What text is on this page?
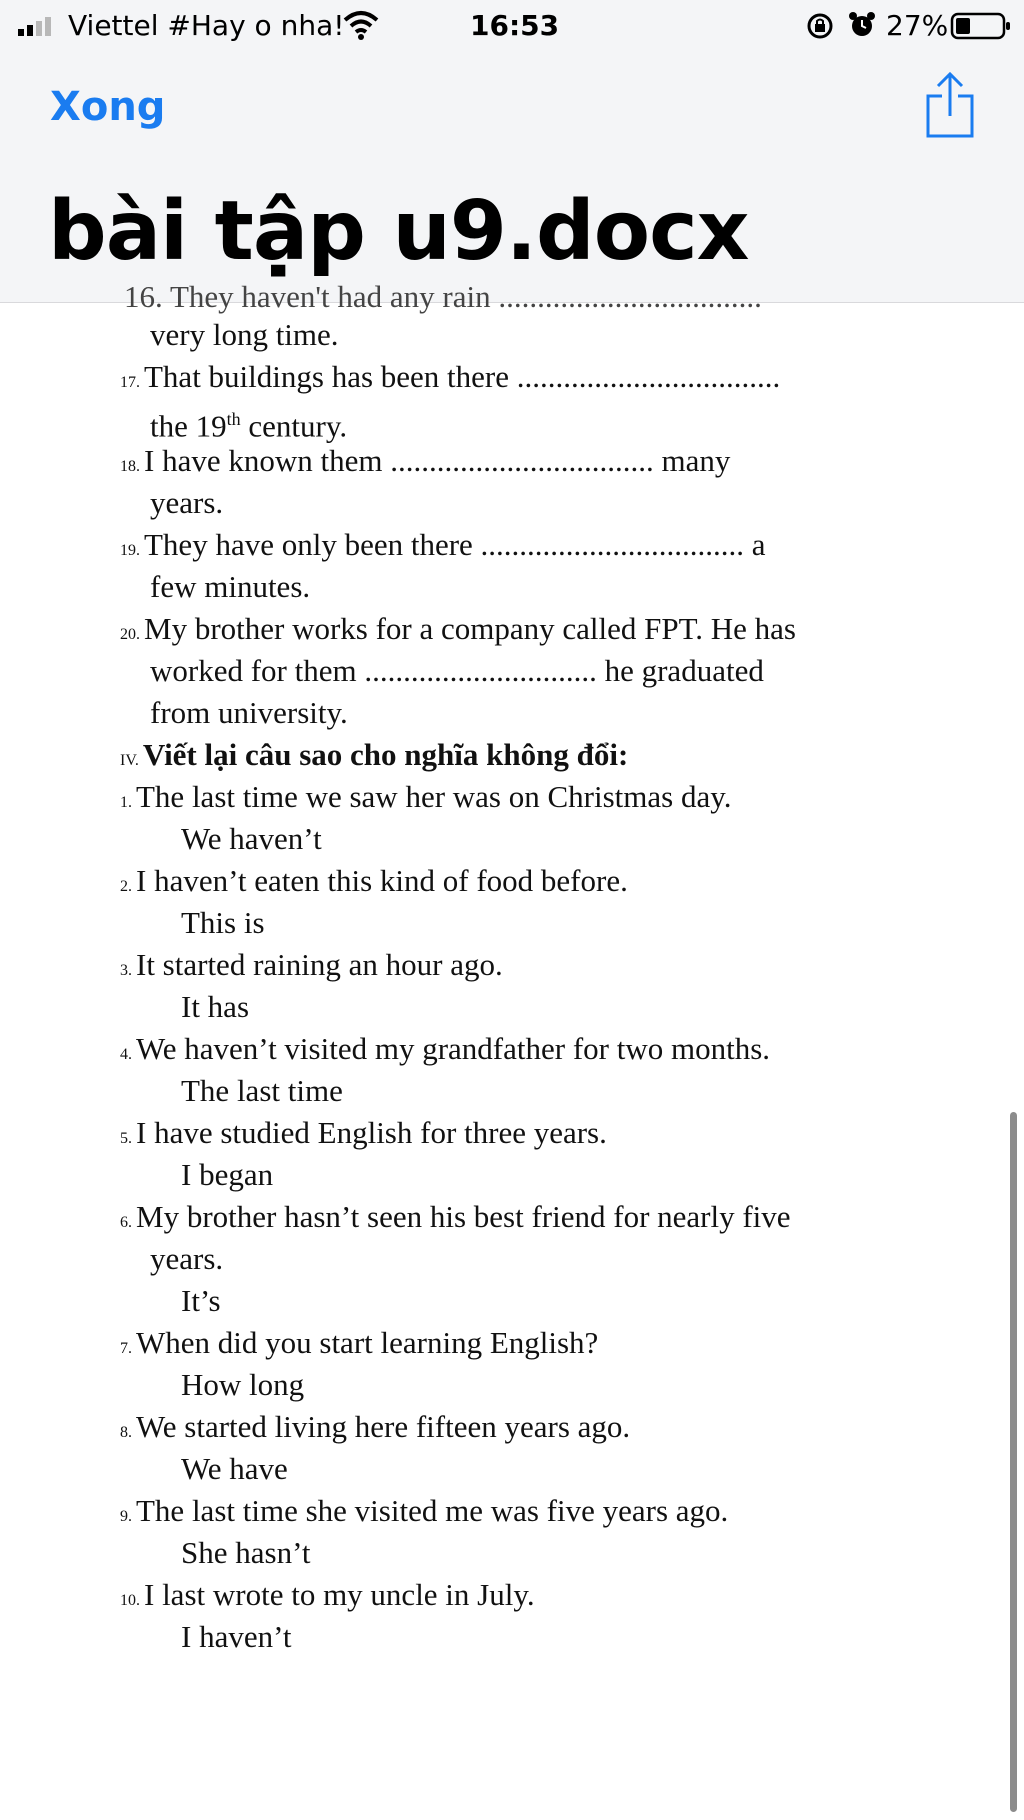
Viettel #Hay o nha!	16:53	27%
Xong
bài tập u9.docx
16. They haven't had any rain ..................................
very long time.
17. That buildings has been there ..................................
the 19th century.
18. I have known them .................................. many
years.
19. They have only been there .................................. a
few minutes.
20. My brother works for a company called FPT. He has
worked for them .............................. he graduated
from university.
IV. Viết lại câu sao cho nghĩa không đổi:
1. The last time we saw her was on Christmas day.
We haven’t
2. I haven’t eaten this kind of food before.
This is
3. It started raining an hour ago.
It has
4. We haven’t visited my grandfather for two months.
The last time
5. I have studied English for three years.
I began
6. My brother hasn’t seen his best friend for nearly five
years.
It’s
7. When did you start learning English?
How long
8. We started living here fifteen years ago.
We have
9. The last time she visited me was five years ago.
She hasn’t
10. I last wrote to my uncle in July.
I haven’t
